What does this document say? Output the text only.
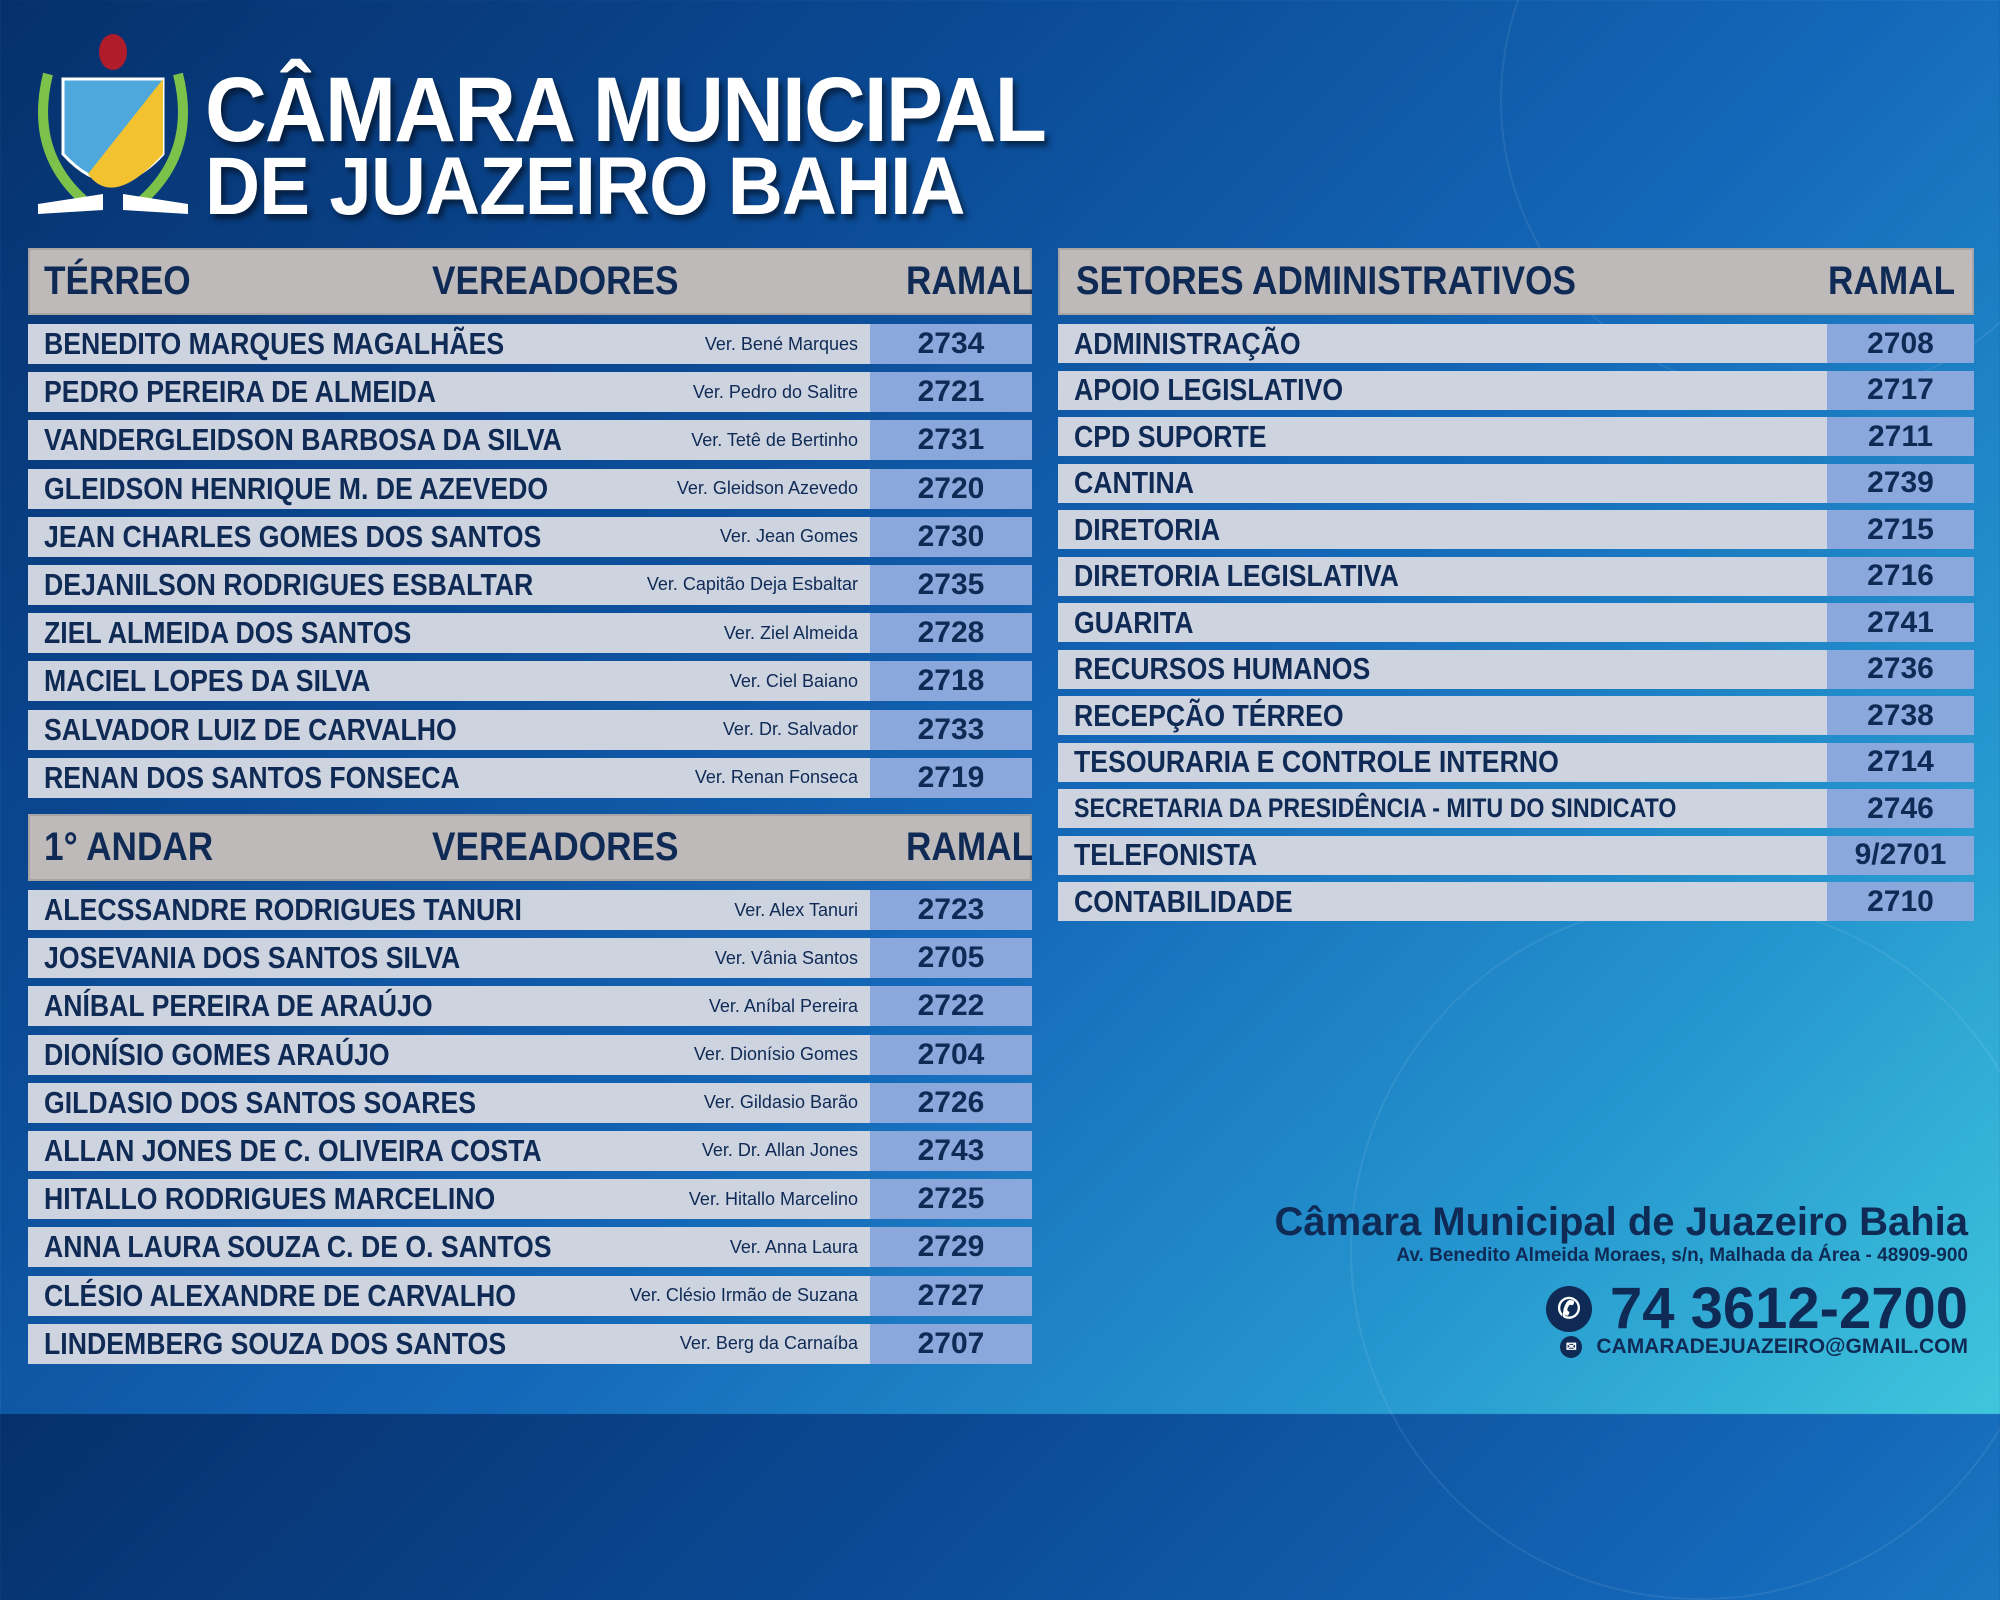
CÂMARA MUNICIPAL
DE JUAZEIRO BAHIA
TÉRREO	VEREADORES	RAMAL
BENEDITO MARQUES MAGALHÃES	Ver. Bené Marques	2734
PEDRO PEREIRA DE ALMEIDA	Ver. Pedro do Salitre	2721
VANDERGLEIDSON BARBOSA DA SILVA	Ver. Tetê de Bertinho	2731
GLEIDSON HENRIQUE M. DE AZEVEDO	Ver. Gleidson Azevedo	2720
JEAN CHARLES GOMES DOS SANTOS	Ver. Jean Gomes	2730
DEJANILSON RODRIGUES ESBALTAR	Ver. Capitão Deja Esbaltar	2735
ZIEL ALMEIDA DOS SANTOS	Ver. Ziel Almeida	2728
MACIEL LOPES DA SILVA	Ver. Ciel Baiano	2718
SALVADOR LUIZ DE CARVALHO	Ver. Dr. Salvador	2733
RENAN DOS SANTOS FONSECA	Ver. Renan Fonseca	2719
1° ANDAR	VEREADORES	RAMAL
ALECSSANDRE RODRIGUES TANURI	Ver. Alex Tanuri	2723
JOSEVANIA DOS SANTOS SILVA	Ver. Vânia Santos	2705
ANÍBAL PEREIRA DE ARAÚJO	Ver. Aníbal Pereira	2722
DIONÍSIO GOMES ARAÚJO	Ver. Dionísio Gomes	2704
GILDASIO DOS SANTOS SOARES	Ver. Gildasio Barão	2726
ALLAN JONES DE C. OLIVEIRA COSTA	Ver. Dr. Allan Jones	2743
HITALLO RODRIGUES MARCELINO	Ver. Hitallo Marcelino	2725
ANNA LAURA SOUZA C. DE O. SANTOS	Ver. Anna Laura	2729
CLÉSIO ALEXANDRE DE CARVALHO	Ver. Clésio Irmão de Suzana	2727
LINDEMBERG SOUZA DOS SANTOS	Ver. Berg da Carnaíba	2707
SETORES ADMINISTRATIVOS	RAMAL
ADMINISTRAÇÃO	2708
APOIO LEGISLATIVO	2717
CPD SUPORTE	2711
CANTINA	2739
DIRETORIA	2715
DIRETORIA LEGISLATIVA	2716
GUARITA	2741
RECURSOS HUMANOS	2736
RECEPÇÃO TÉRREO	2738
TESOURARIA E CONTROLE INTERNO	2714
SECRETARIA DA PRESIDÊNCIA - MITU DO SINDICATO	2746
TELEFONISTA	9/2701
CONTABILIDADE	2710
Câmara Municipal de Juazeiro Bahia
Av. Benedito Almeida Moraes, s/n, Malhada da Área - 48909-900
✆ 74 3612-2700
✉ CAMARADEJUAZEIRO@GMAIL.COM
